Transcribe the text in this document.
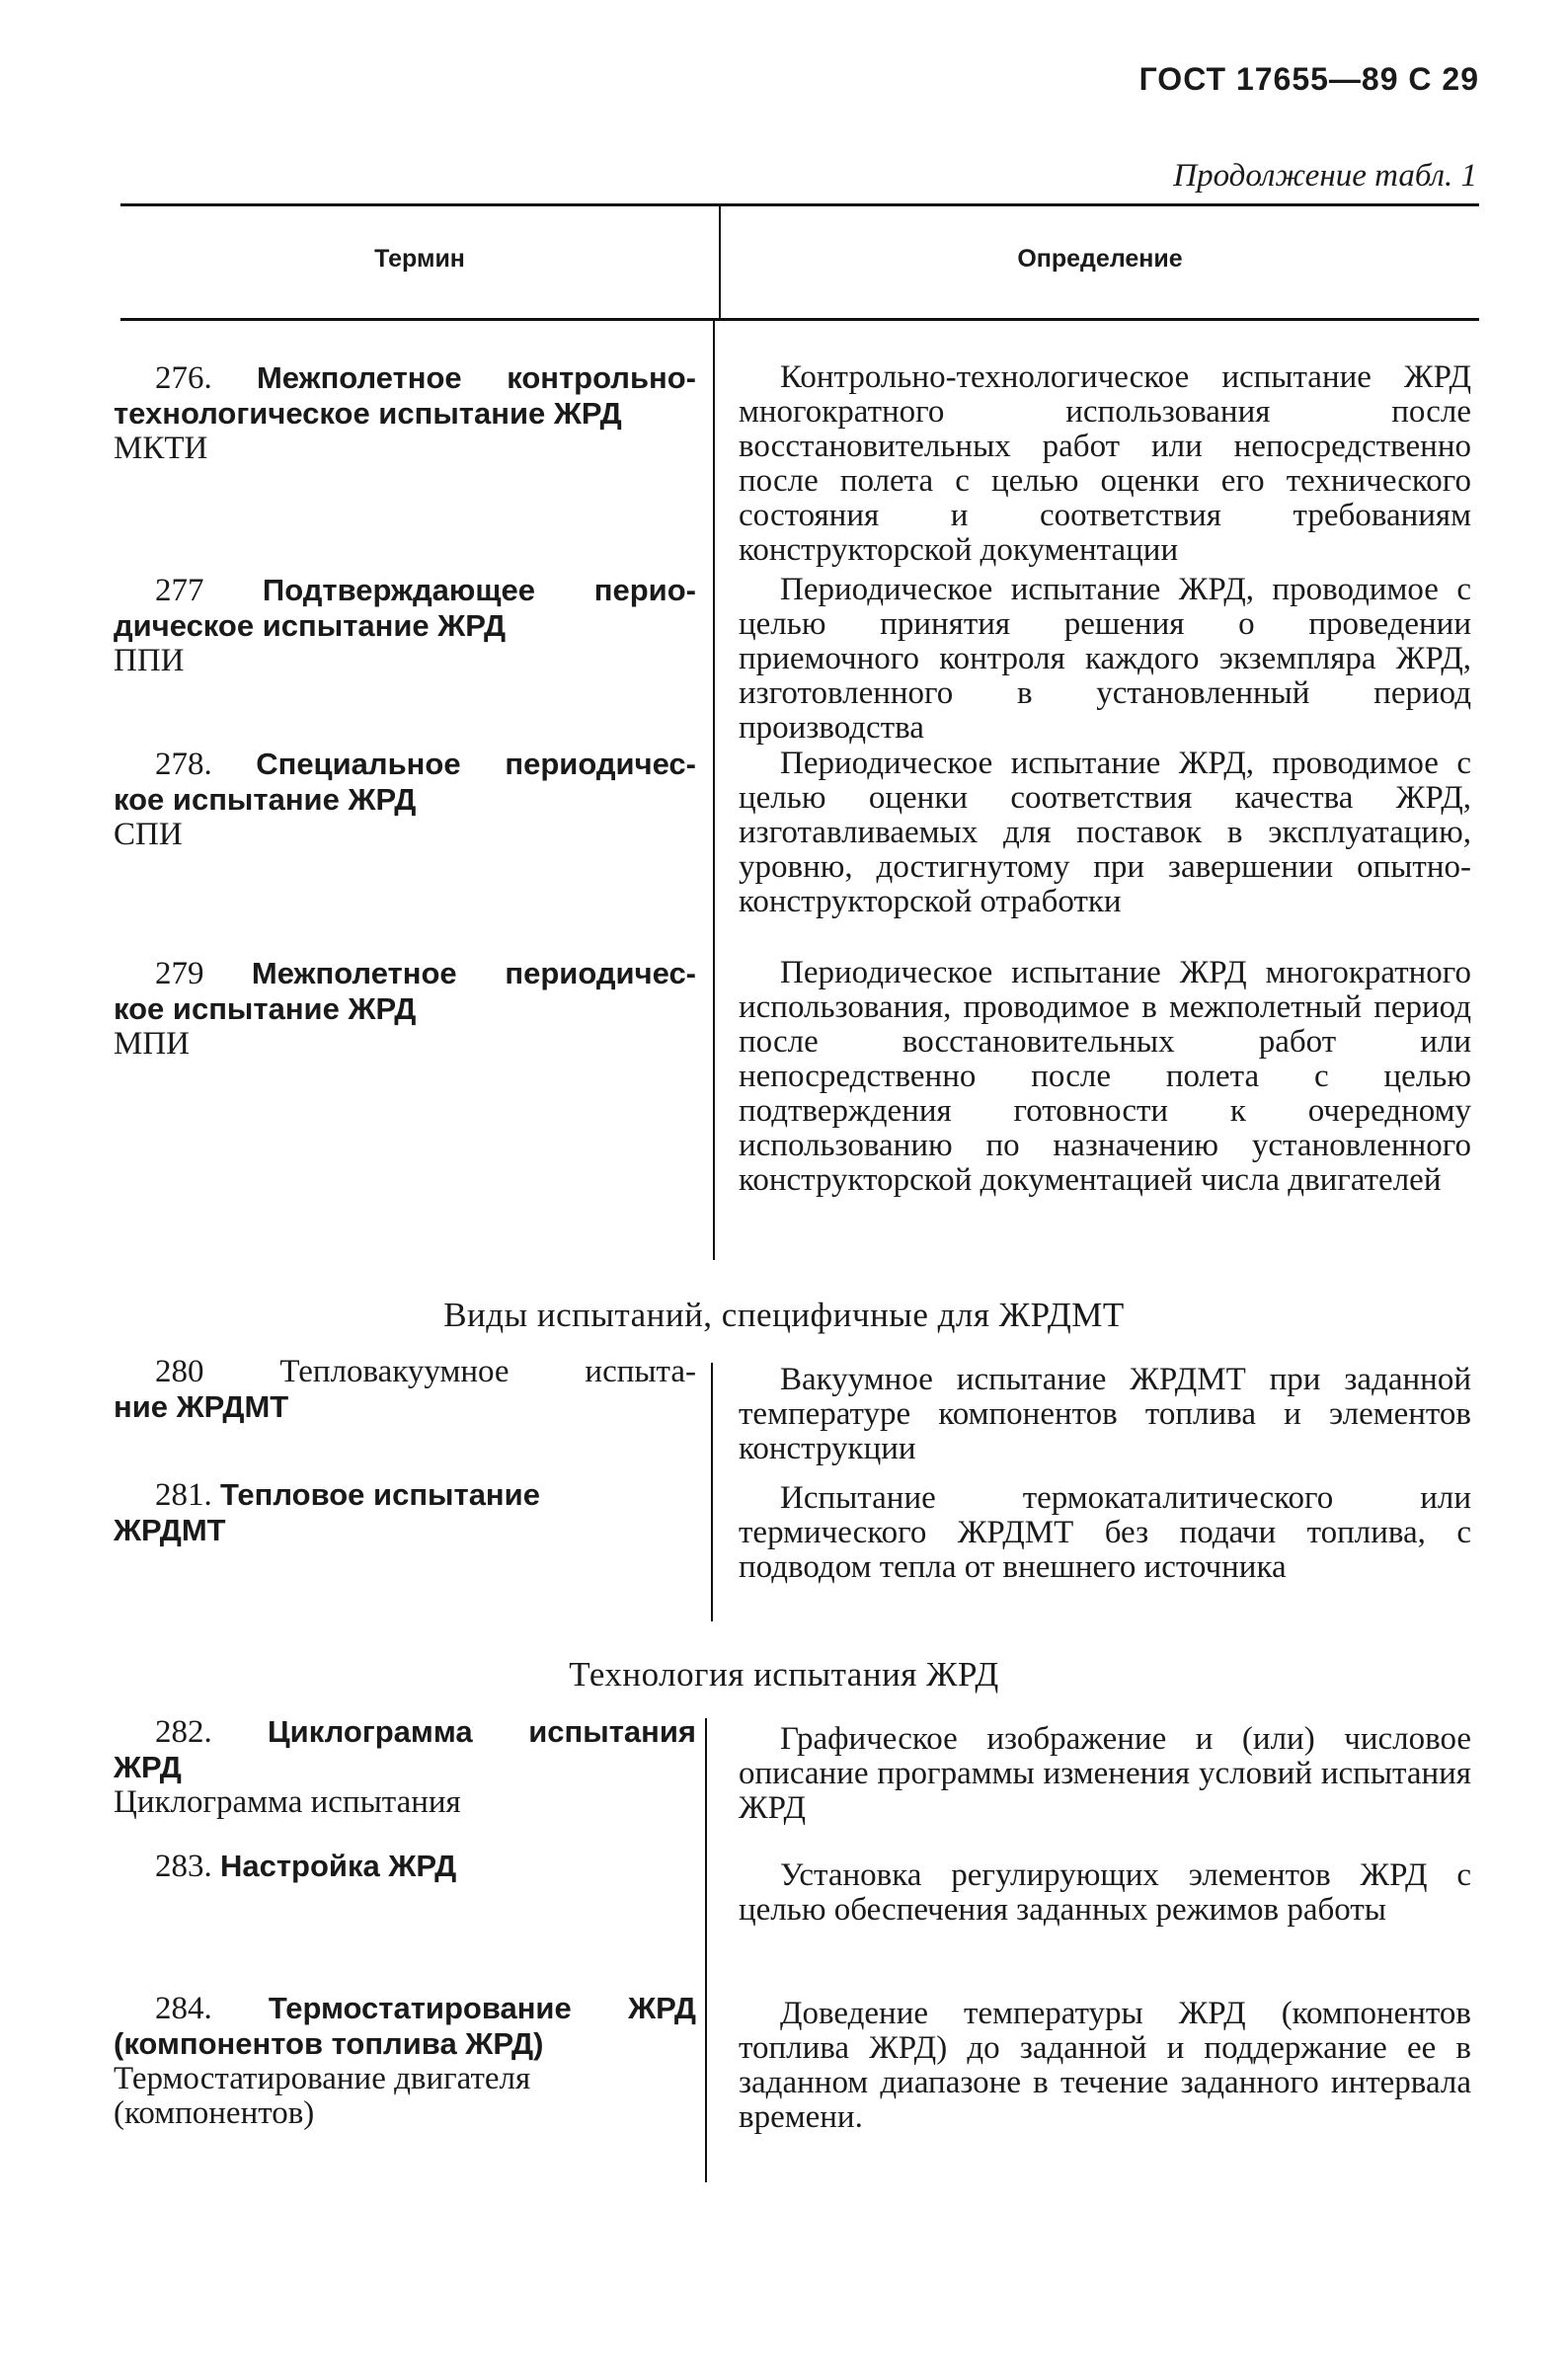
ГОСТ 17655—89 С 29
Продолжение табл. 1
Термин	Определение
276. Межполетное контрольно-
технологическое испытание ЖРД
МКТИ
Контрольно-технологическое испытание ЖРД многократного использования после восстановительных работ или непосредственно после полета с целью оценки его технического состояния и соответствия требованиям конструкторской документации
277 Подтверждающее перио-
дическое испытание ЖРД
ППИ
Периодическое испытание ЖРД, проводимое с целью принятия решения о проведении приемочного контроля каждого экземпляра ЖРД, изготовленного в установленный период производства
278. Специальное периодичес-
кое испытание ЖРД
СПИ
Периодическое испытание ЖРД, проводимое с целью оценки соответствия качества ЖРД, изготавливаемых для поставок в эксплуатацию, уровню, достигнутому при завершении опытно-конструкторской отработки
279 Межполетное периодичес-
кое испытание ЖРД
МПИ
Периодическое испытание ЖРД многократного использования, проводимое в межполетный период после восстановительных работ или непосредственно после полета с целью подтверждения готовности к очередному использованию по назначению установленного конструкторской документацией числа двигателей
Виды испытаний, специфичные для ЖРДМТ
280 Тепловакуумное испыта-
ние ЖРДМТ
Вакуумное испытание ЖРДМТ при заданной температуре компонентов топлива и элементов конструкции
281. Тепловое испытание
ЖРДМТ
Испытание термокаталитического или термического ЖРДМТ без подачи топлива, с подводом тепла от внешнего источника
Технология испытания ЖРД
282. Циклограмма испытания
ЖРД
Циклограмма испытания
Графическое изображение и (или) числовое описание программы изменения условий испытания ЖРД
283. Настройка ЖРД	Установка регулирующих элементов ЖРД с целью обеспечения заданных режимов работы
284. Термостатирование ЖРД
(компонентов топлива ЖРД)
Термостатирование двигателя
(компонентов)
Доведение температуры ЖРД (компонентов топлива ЖРД) до заданной и поддержание ее в заданном диапазоне в течение заданного интервала времени.
